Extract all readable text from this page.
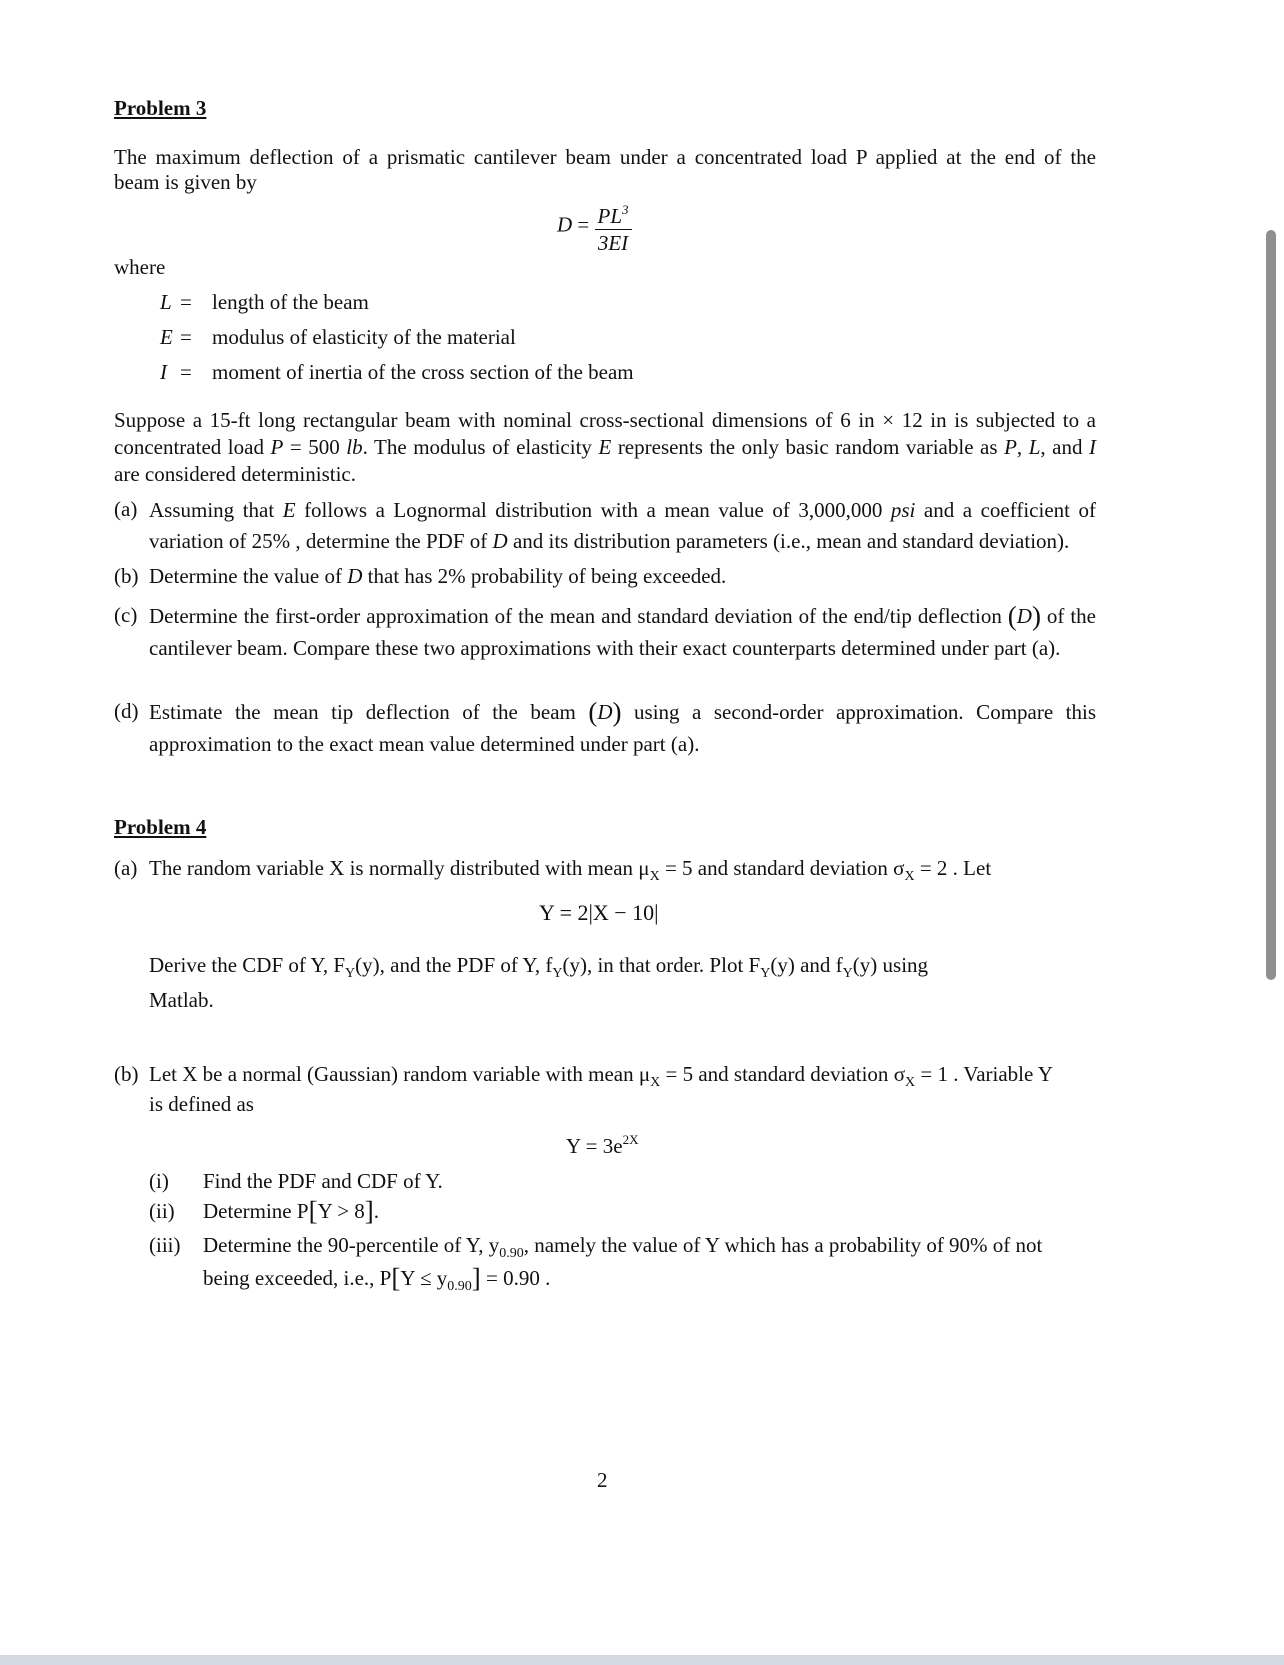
Problem 3
The maximum deflection of a prismatic cantilever beam under a concentrated load P applied at the end of the
beam is given by
$D = \frac{PL^3}{3EI}$
where
L = length of the beam
E = modulus of elasticity of the material
I = moment of inertia of the cross section of the beam
Suppose a 15-ft long rectangular beam with nominal cross-sectional dimensions of 6 in × 12 in is subjected to a concentrated load P = 500 lb. The modulus of elasticity E represents the only basic random variable as P, L, and I are considered deterministic.
(a) Assuming that E follows a Lognormal distribution with a mean value of 3,000,000 psi and a coefficient of variation of 25% , determine the PDF of D and its distribution parameters (i.e., mean and standard deviation).
(b) Determine the value of D that has 2% probability of being exceeded.
(c) Determine the first-order approximation of the mean and standard deviation of the end/tip deflection (D) of the cantilever beam. Compare these two approximations with their exact counterparts determined under part (a).
(d) Estimate the mean tip deflection of the beam (D) using a second-order approximation. Compare this approximation to the exact mean value determined under part (a).
Problem 4
(a) The random variable X is normally distributed with mean $\mu_X = 5$ and standard deviation $\sigma_X = 2$ . Let
Y = 2|X − 10|
Derive the CDF of Y, $F_Y(y)$, and the PDF of Y, $f_Y(y)$, in that order. Plot $F_Y(y)$ and $f_Y(y)$ using
Matlab.
(b) Let X be a normal (Gaussian) random variable with mean $\mu_X = 5$ and standard deviation $\sigma_X = 1$ . Variable Y
is defined as
$Y = 3e^{2X}$
(i) Find the PDF and CDF of Y.
(ii) Determine P[Y > 8].
(iii) Determine the 90-percentile of Y, $y_{0.90}$, namely the value of Y which has a probability of 90% of not
being exceeded, i.e., $P[Y \le y_{0.90}] = 0.90$ .
2
